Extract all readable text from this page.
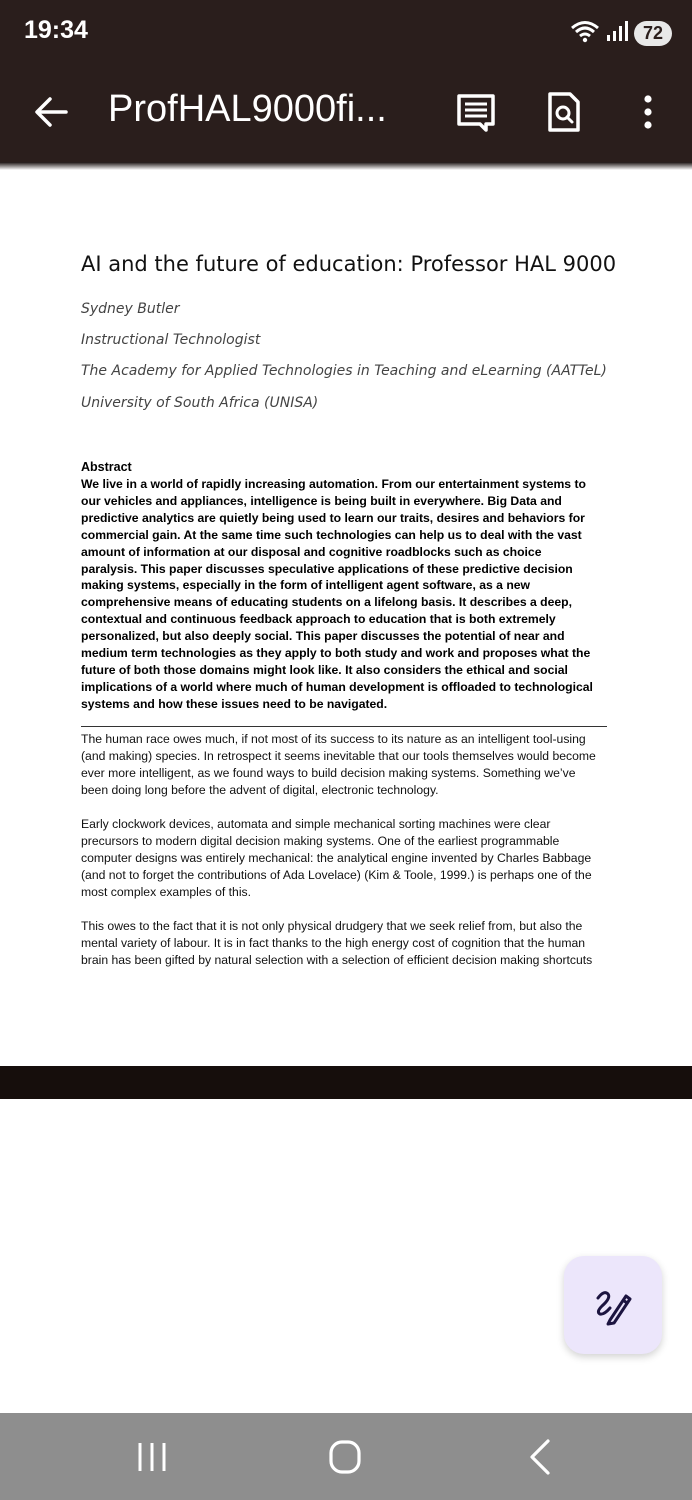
19:34	72
ProfHAL9000fi...
AI and the future of education: Professor HAL 9000
Sydney Butler
Instructional Technologist
The Academy for Applied Technologies in Teaching and eLearning (AATTeL)
University of South Africa (UNISA)
Abstract
We live in a world of rapidly increasing automation. From our entertainment systems to
our vehicles and appliances, intelligence is being built in everywhere. Big Data and
predictive analytics are quietly being used to learn our traits, desires and behaviors for
commercial gain. At the same time such technologies can help us to deal with the vast
amount of information at our disposal and cognitive roadblocks such as choice
paralysis. This paper discusses speculative applications of these predictive decision
making systems, especially in the form of intelligent agent software, as a new
comprehensive means of educating students on a lifelong basis. It describes a deep,
contextual and continuous feedback approach to education that is both extremely
personalized, but also deeply social. This paper discusses the potential of near and
medium term technologies as they apply to both study and work and proposes what the
future of both those domains might look like. It also considers the ethical and social
implications of a world where much of human development is offloaded to technological
systems and how these issues need to be navigated.
The human race owes much, if not most of its success to its nature as an intelligent tool-using
(and making) species. In retrospect it seems inevitable that our tools themselves would become
ever more intelligent, as we found ways to build decision making systems. Something we’ve
been doing long before the advent of digital, electronic technology.
Early clockwork devices, automata and simple mechanical sorting machines were clear
precursors to modern digital decision making systems. One of the earliest programmable
computer designs was entirely mechanical: the analytical engine invented by Charles Babbage
(and not to forget the contributions of Ada Lovelace) (Kim & Toole, 1999.) is perhaps one of the
most complex examples of this.
This owes to the fact that it is not only physical drudgery that we seek relief from, but also the
mental variety of labour. It is in fact thanks to the high energy cost of cognition that the human
brain has been gifted by natural selection with a selection of efficient decision making shortcuts
